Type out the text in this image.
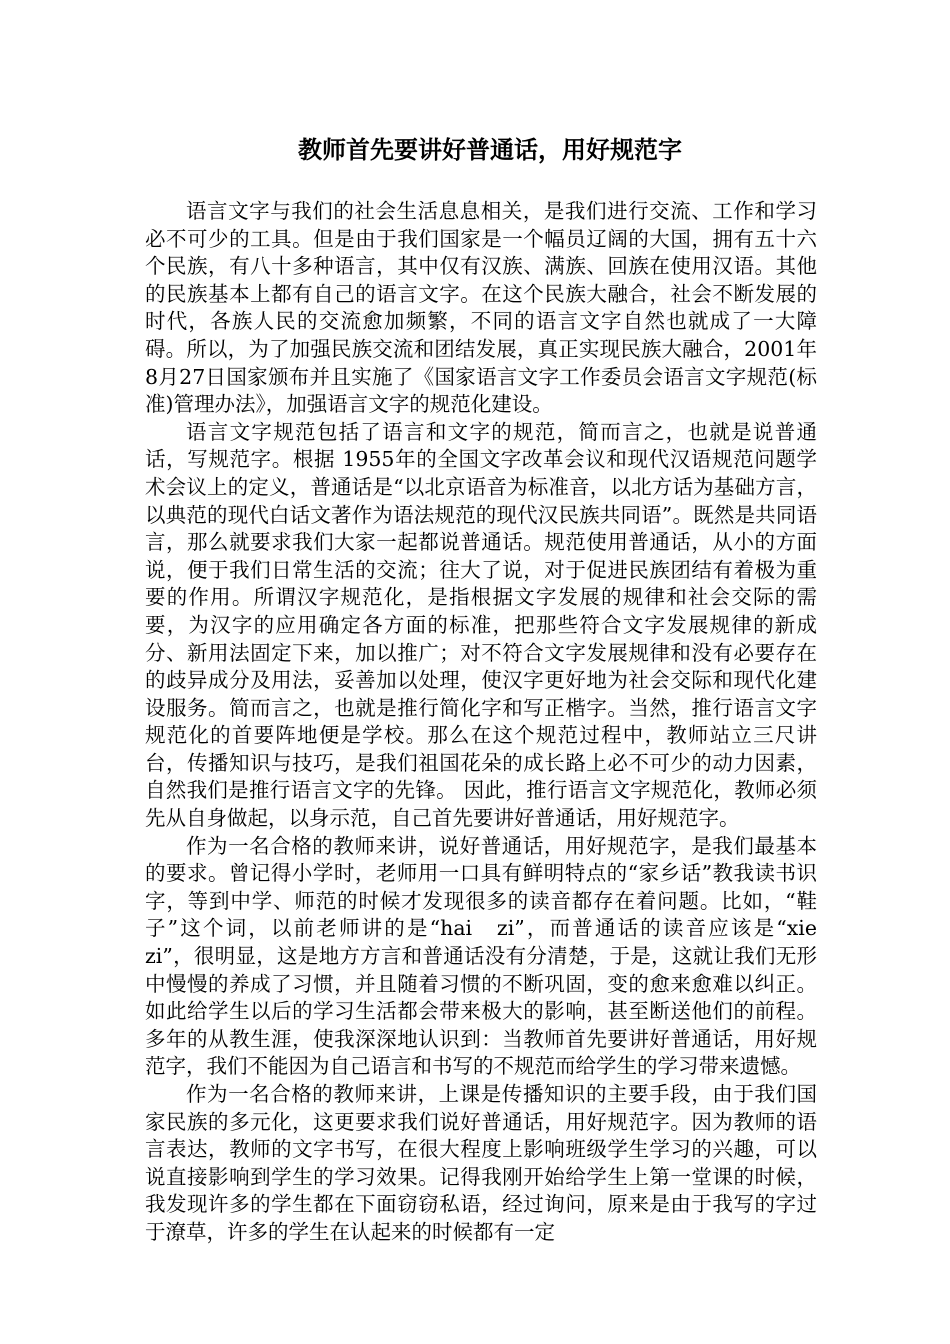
教师首先要讲好普通话，用好规范字

语言文字与我们的社会生活息息相关，是我们进行交流、工作和学习必不可少的工具。但是由于我们国家是一个幅员辽阔的大国，拥有五十六个民族，有八十多种语言，其中仅有汉族、满族、回族在使用汉语。其他的民族基本上都有自己的语言文字。在这个民族大融合，社会不断发展的时代，各族人民的交流愈加频繁，不同的语言文字自然也就成了一大障碍。所以，为了加强民族交流和团结发展，真正实现民族大融合，2001年8月27日国家颁布并且实施了《国家语言文字工作委员会语言文字规范(标准)管理办法》，加强语言文字的规范化建设。

语言文字规范包括了语言和文字的规范，简而言之，也就是说普通话，写规范字。根据 1955年的全国文字改革会议和现代汉语规范问题学术会议上的定义，普通话是“以北京语音为标准音，以北方话为基础方言，以典范的现代白话文著作为语法规范的现代汉民族共同语”。既然是共同语言，那么就要求我们大家一起都说普通话。规范使用普通话，从小的方面说，便于我们日常生活的交流；往大了说，对于促进民族团结有着极为重要的作用。所谓汉字规范化，是指根据文字发展的规律和社会交际的需要，为汉字的应用确定各方面的标准，把那些符合文字发展规律的新成分、新用法固定下来，加以推广；对不符合文字发展规律和没有必要存在的歧异成分及用法，妥善加以处理，使汉字更好地为社会交际和现代化建设服务。简而言之，也就是推行简化字和写正楷字。当然，推行语言文字规范化的首要阵地便是学校。那么在这个规范过程中，教师站立三尺讲台，传播知识与技巧，是我们祖国花朵的成长路上必不可少的动力因素，自然我们是推行语言文字的先锋。 因此，推行语言文字规范化，教师必须先从自身做起，以身示范，自己首先要讲好普通话，用好规范字。

作为一名合格的教师来讲，说好普通话，用好规范字，是我们最基本的要求。曾记得小学时，老师用一口具有鲜明特点的“家乡话”教我读书识字，等到中学、师范的时候才发现很多的读音都存在着问题。比如，“鞋子”这个词，以前老师讲的是“hai　zi”，而普通话的读音应该是“xie　zi”，很明显，这是地方方言和普通话没有分清楚，于是，这就让我们无形中慢慢的养成了习惯，并且随着习惯的不断巩固，变的愈来愈难以纠正。如此给学生以后的学习生活都会带来极大的影响，甚至断送他们的前程。多年的从教生涯，使我深深地认识到：当教师首先要讲好普通话，用好规范字，我们不能因为自己语言和书写的不规范而给学生的学习带来遗憾。

作为一名合格的教师来讲，上课是传播知识的主要手段，由于我们国家民族的多元化，这更要求我们说好普通话，用好规范字。因为教师的语言表达，教师的文字书写，在很大程度上影响班级学生学习的兴趣，可以说直接影响到学生的学习效果。记得我刚开始给学生上第一堂课的时候，我发现许多的学生都在下面窃窃私语，经过询问，原来是由于我写的字过于潦草，许多的学生在认起来的时候都有一定
